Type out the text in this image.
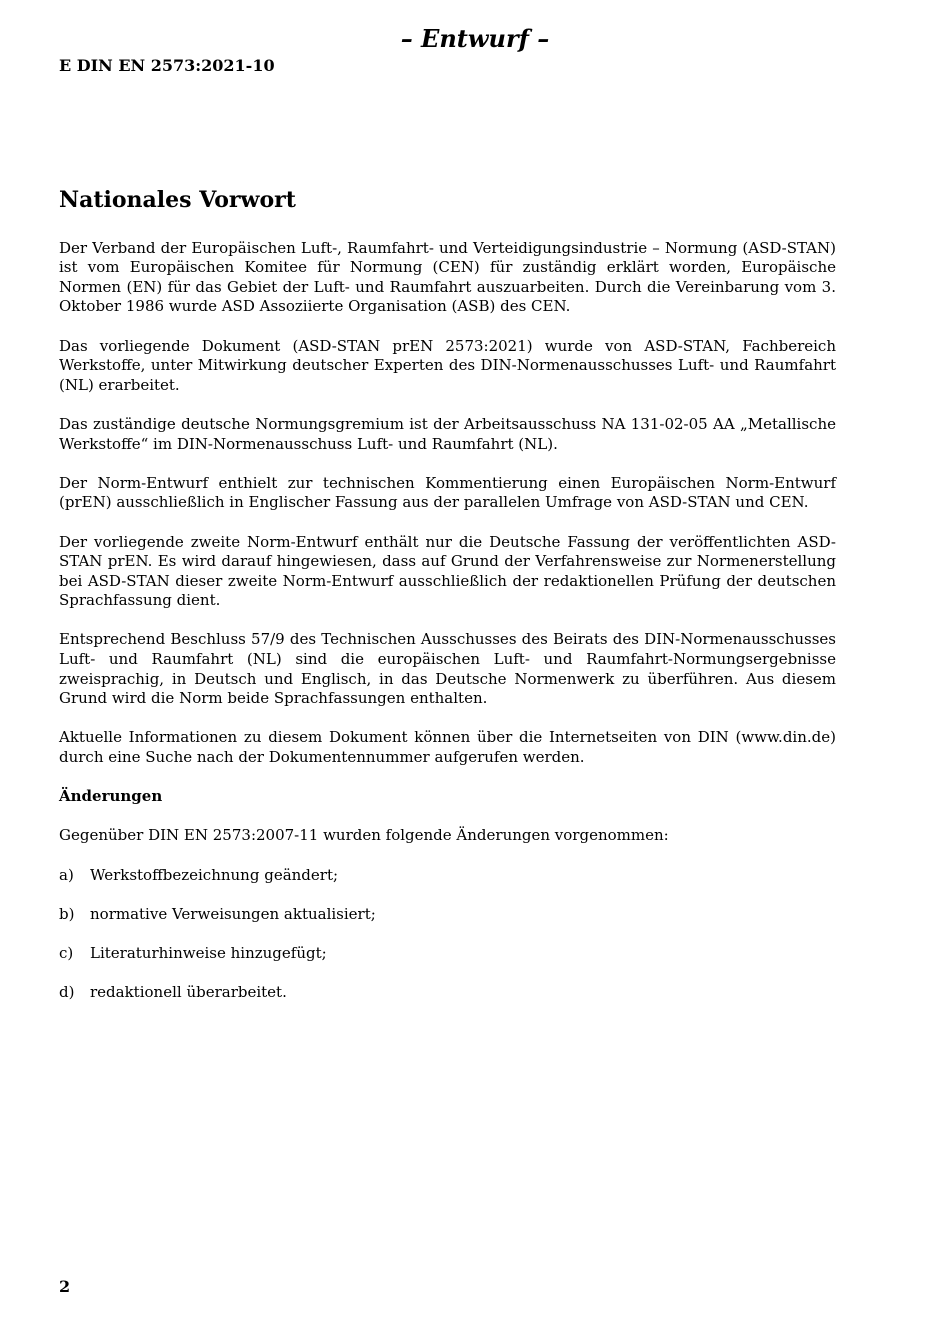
– Entwurf –
E DIN EN 2573:2021-10
Nationales Vorwort

Der Verband der Europäischen Luft-, Raumfahrt- und Verteidigungsindustrie – Normung (ASD-STAN) ist vom Europäischen Komitee für Normung (CEN) für zuständig erklärt worden, Europäische Normen (EN) für das Gebiet der Luft- und Raumfahrt auszuarbeiten. Durch die Vereinbarung vom 3. Oktober 1986 wurde ASD Assoziierte Organisation (ASB) des CEN.

Das vorliegende Dokument (ASD-STAN prEN 2573:2021) wurde von ASD-STAN, Fachbereich Werkstoffe, unter Mitwirkung deutscher Experten des DIN-Normenausschusses Luft- und Raumfahrt (NL) erarbeitet.

Das zuständige deutsche Normungsgremium ist der Arbeitsausschuss NA 131-02-05 AA „Metallische Werkstoffe“ im DIN-Normenausschuss Luft- und Raumfahrt (NL).

Der Norm-Entwurf enthielt zur technischen Kommentierung einen Europäischen Norm-Entwurf (prEN) ausschließlich in Englischer Fassung aus der parallelen Umfrage von ASD-STAN und CEN.

Der vorliegende zweite Norm-Entwurf enthält nur die Deutsche Fassung der veröffentlichten ASD-STAN prEN. Es wird darauf hingewiesen, dass auf Grund der Verfahrensweise zur Normenerstellung bei ASD-STAN dieser zweite Norm-Entwurf ausschließlich der redaktionellen Prüfung der deutschen Sprachfassung dient.

Entsprechend Beschluss 57/9 des Technischen Ausschusses des Beirats des DIN-Normenausschusses Luft- und Raumfahrt (NL) sind die europäischen Luft- und Raumfahrt-Normungsergebnisse zweisprachig, in Deutsch und Englisch, in das Deutsche Normenwerk zu überführen. Aus diesem Grund wird die Norm beide Sprachfassungen enthalten.

Aktuelle Informationen zu diesem Dokument können über die Internetseiten von DIN (www.din.de) durch eine Suche nach der Dokumentennummer aufgerufen werden.

Änderungen

Gegenüber DIN EN 2573:2007-11 wurden folgende Änderungen vorgenommen:

a)	Werkstoffbezeichnung geändert;
b)	normative Verweisungen aktualisiert;
c)	Literaturhinweise hinzugefügt;
d)	redaktionell überarbeitet.
2
